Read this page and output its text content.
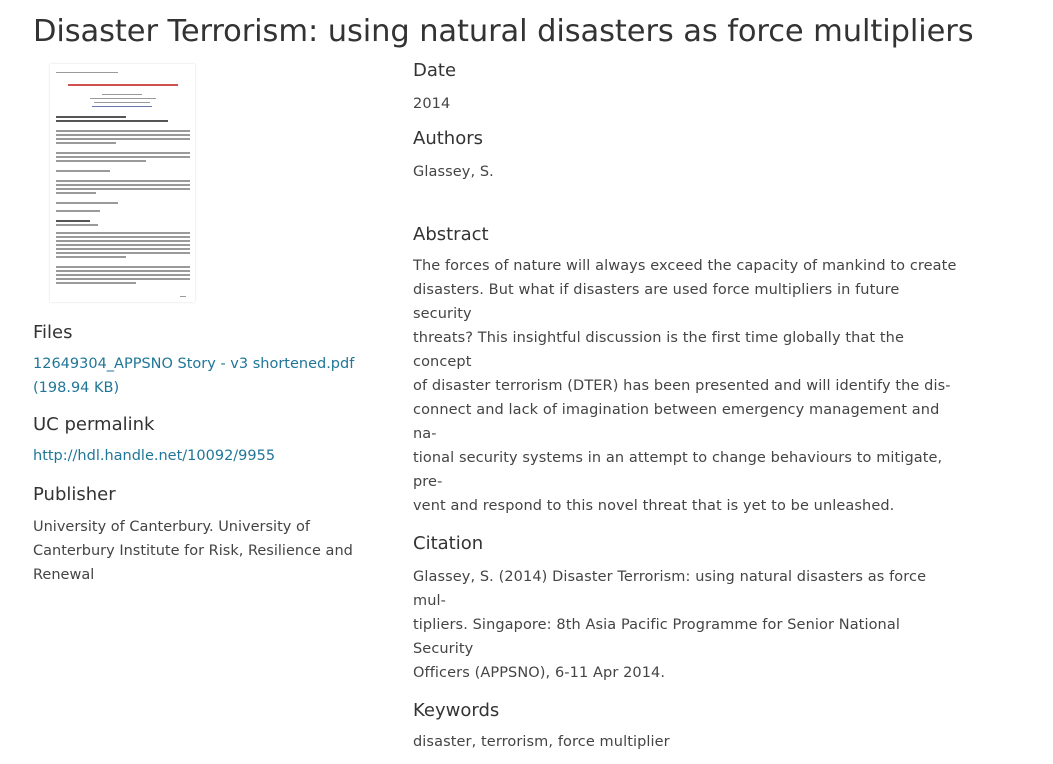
Disaster Terrorism: using natural disasters as force multipliers
Files
12649304_APPSNO Story - v3 shortened.pdf
(198.94 KB)
UC permalink
http://hdl.handle.net/10092/9955
Publisher
University of Canterbury. University of
Canterbury Institute for Risk, Resilience and
Renewal
Date
2014
Authors
Glassey, S.
Abstract
The forces of nature will always exceed the capacity of mankind to create
disasters. But what if disasters are used force multipliers in future security
threats? This insightful discussion is the first time globally that the concept
of disaster terrorism (DTER) has been presented and will identify the dis-
connect and lack of imagination between emergency management and na-
tional security systems in an attempt to change behaviours to mitigate, pre-
vent and respond to this novel threat that is yet to be unleashed.
Citation
Glassey, S. (2014) Disaster Terrorism: using natural disasters as force mul-
tipliers. Singapore: 8th Asia Pacific Programme for Senior National Security
Officers (APPSNO), 6-11 Apr 2014.
Keywords
disaster, terrorism, force multiplier
